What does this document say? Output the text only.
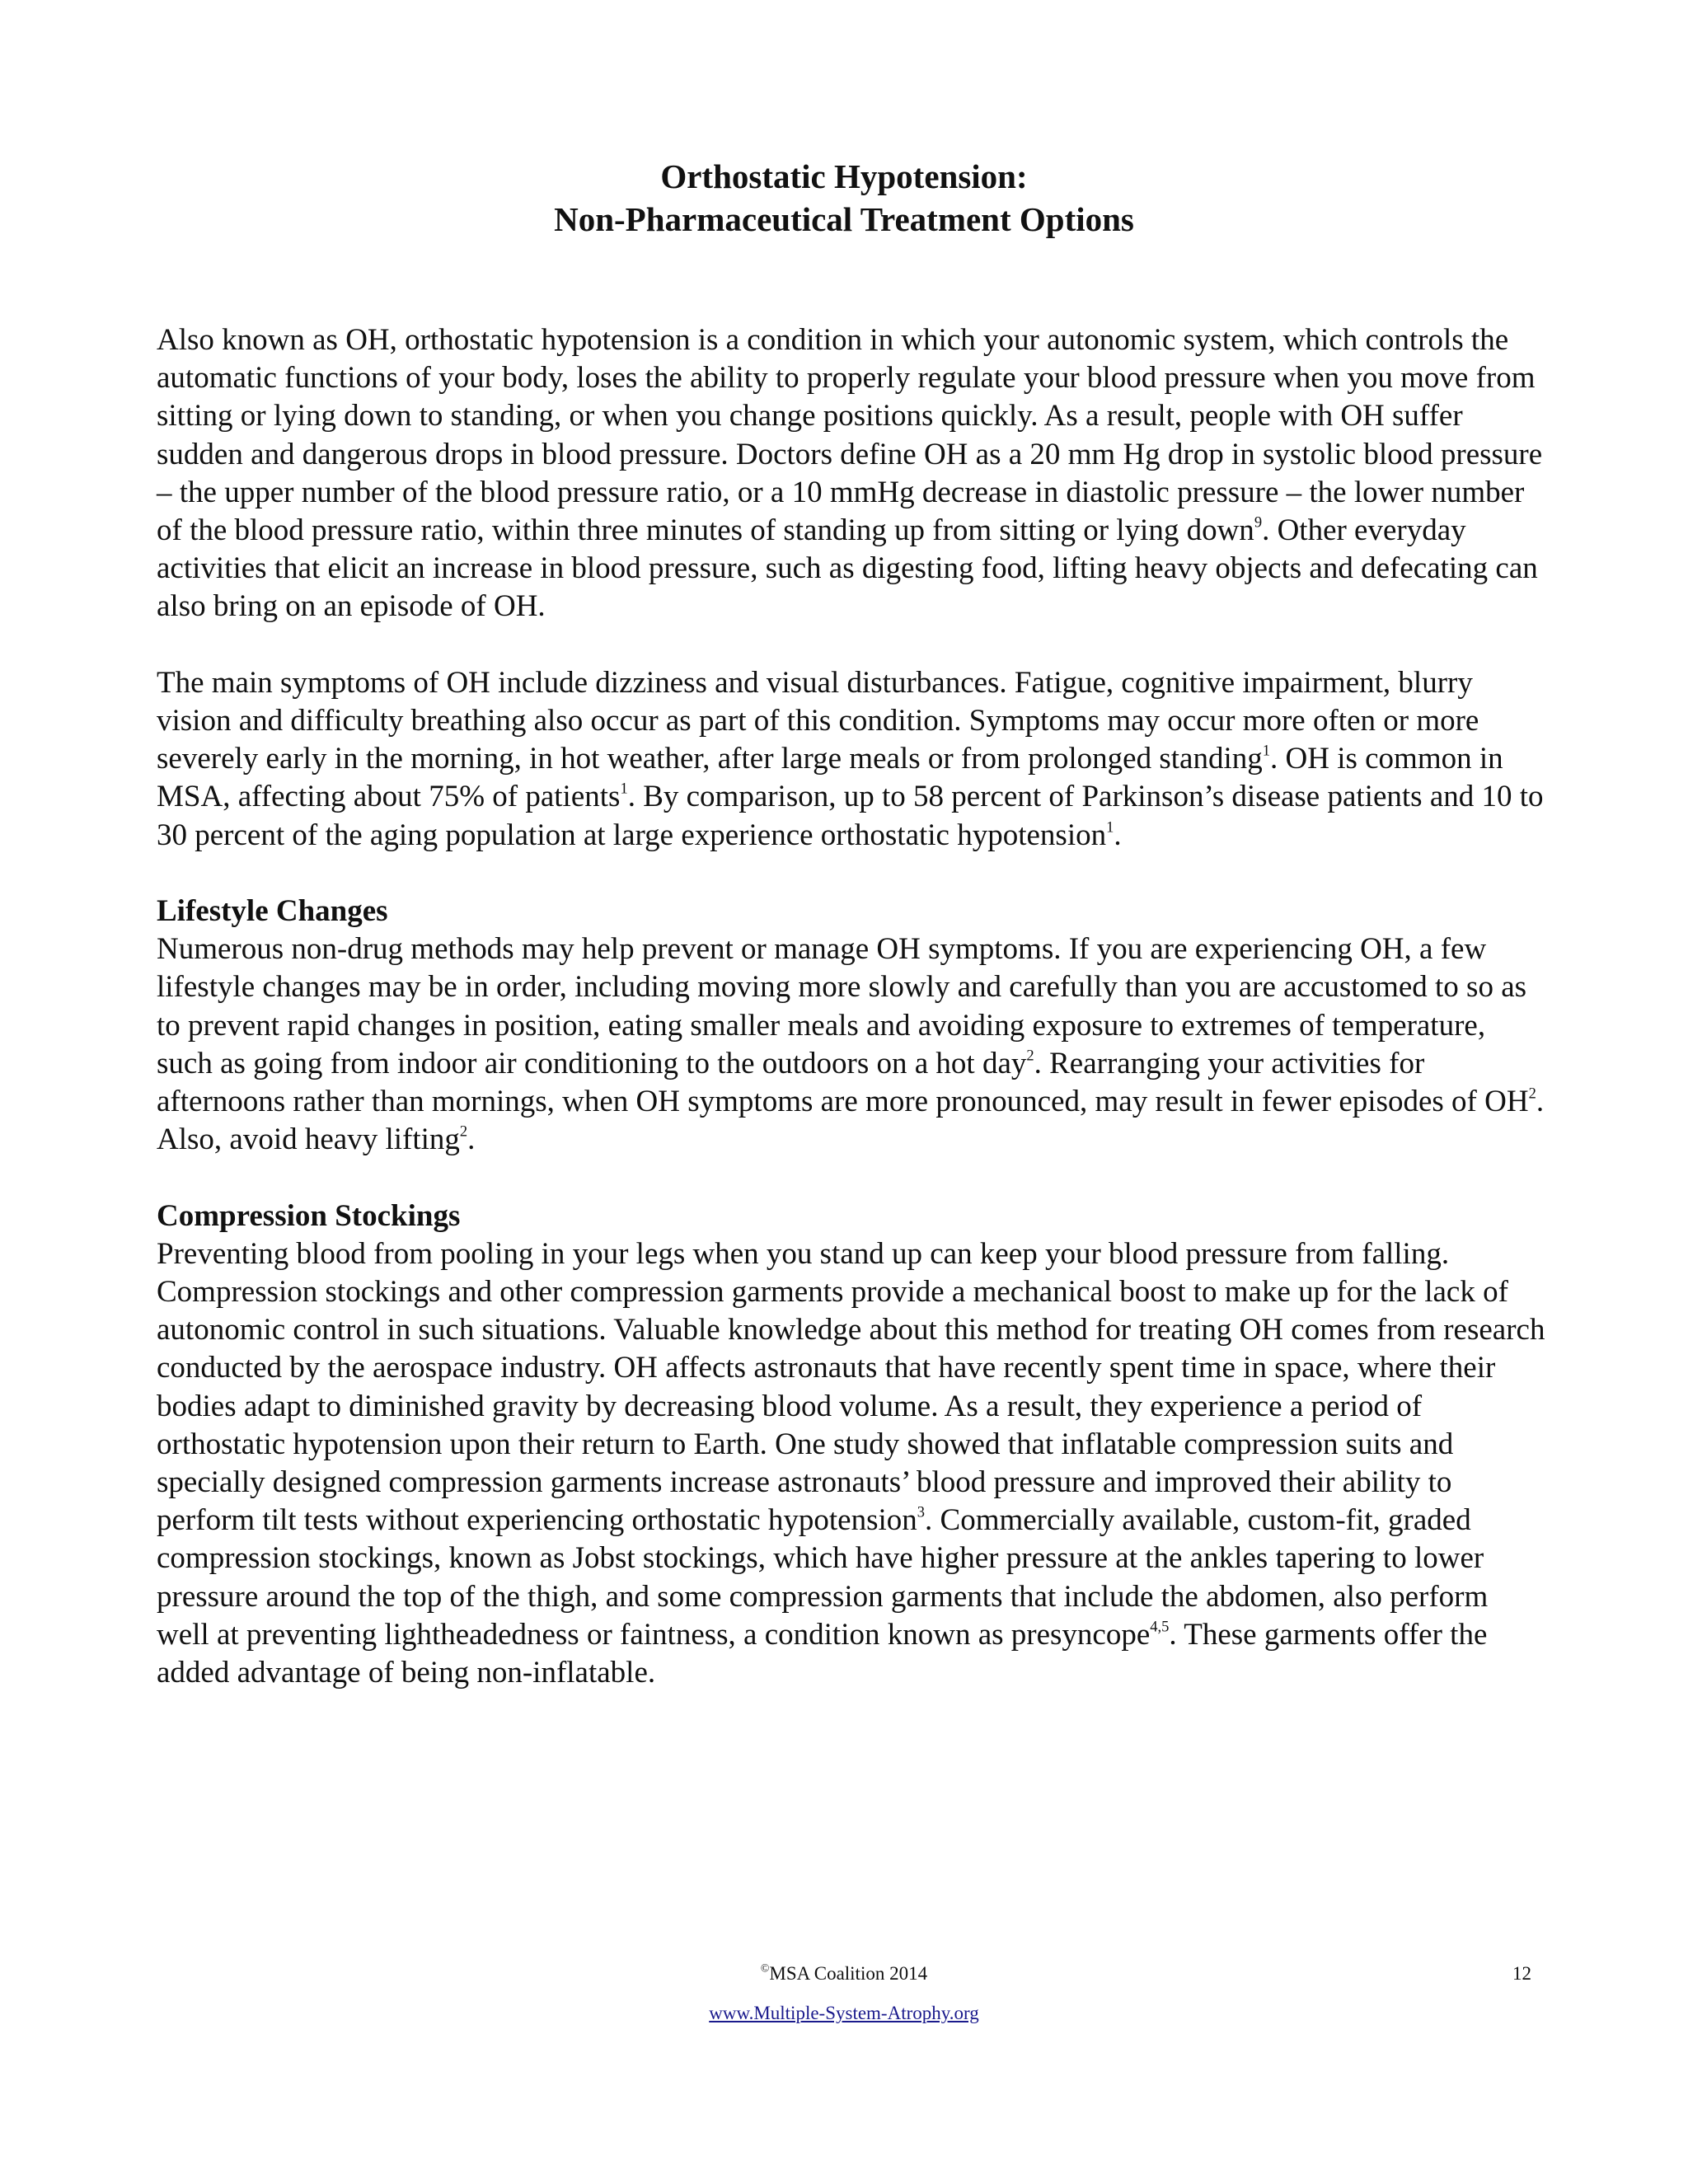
Orthostatic Hypotension:
Non-Pharmaceutical Treatment Options

Also known as OH, orthostatic hypotension is a condition in which your autonomic system, which controls the automatic functions of your body, loses the ability to properly regulate your blood pressure when you move from sitting or lying down to standing, or when you change positions quickly. As a result, people with OH suffer sudden and dangerous drops in blood pressure. Doctors define OH as a 20 mm Hg drop in systolic blood pressure – the upper number of the blood pressure ratio, or a 10 mmHg decrease in diastolic pressure – the lower number of the blood pressure ratio, within three minutes of standing up from sitting or lying down$^9$. Other everyday activities that elicit an increase in blood pressure, such as digesting food, lifting heavy objects and defecating can also bring on an episode of OH.

The main symptoms of OH include dizziness and visual disturbances. Fatigue, cognitive impairment, blurry vision and difficulty breathing also occur as part of this condition. Symptoms may occur more often or more severely early in the morning, in hot weather, after large meals or from prolonged standing$^1$. OH is common in MSA, affecting about 75% of patients$^1$. By comparison, up to 58 percent of Parkinson’s disease patients and 10 to 30 percent of the aging population at large experience orthostatic hypotension$^1$.

Lifestyle Changes

Numerous non-drug methods may help prevent or manage OH symptoms. If you are experiencing OH, a few lifestyle changes may be in order, including moving more slowly and carefully than you are accustomed to so as to prevent rapid changes in position, eating smaller meals and avoiding exposure to extremes of temperature, such as going from indoor air conditioning to the outdoors on a hot day$^2$. Rearranging your activities for afternoons rather than mornings, when OH symptoms are more pronounced, may result in fewer episodes of $OH^2$. Also, avoid heavy lifting$^2$.

Compression Stockings

Preventing blood from pooling in your legs when you stand up can keep your blood pressure from falling. Compression stockings and other compression garments provide a mechanical boost to make up for the lack of autonomic control in such situations. Valuable knowledge about this method for treating OH comes from research conducted by the aerospace industry. OH affects astronauts that have recently spent time in space, where their bodies adapt to diminished gravity by decreasing blood volume. As a result, they experience a period of orthostatic hypotension upon their return to Earth. One study showed that inflatable compression suits and specially designed compression garments increase astronauts’ blood pressure and improved their ability to perform tilt tests without experiencing orthostatic hypotension$^3$. Commercially available, custom-fit, graded compression stockings, known as Jobst stockings, which have higher pressure at the ankles tapering to lower pressure around the top of the thigh, and some compression garments that include the abdomen, also perform well at preventing lightheadedness or faintness, a condition known as presyncope$^{4,5}$. These garments offer the added advantage of being non-inflatable.

©MSA Coalition 2014	12
www.Multiple-System-Atrophy.org
